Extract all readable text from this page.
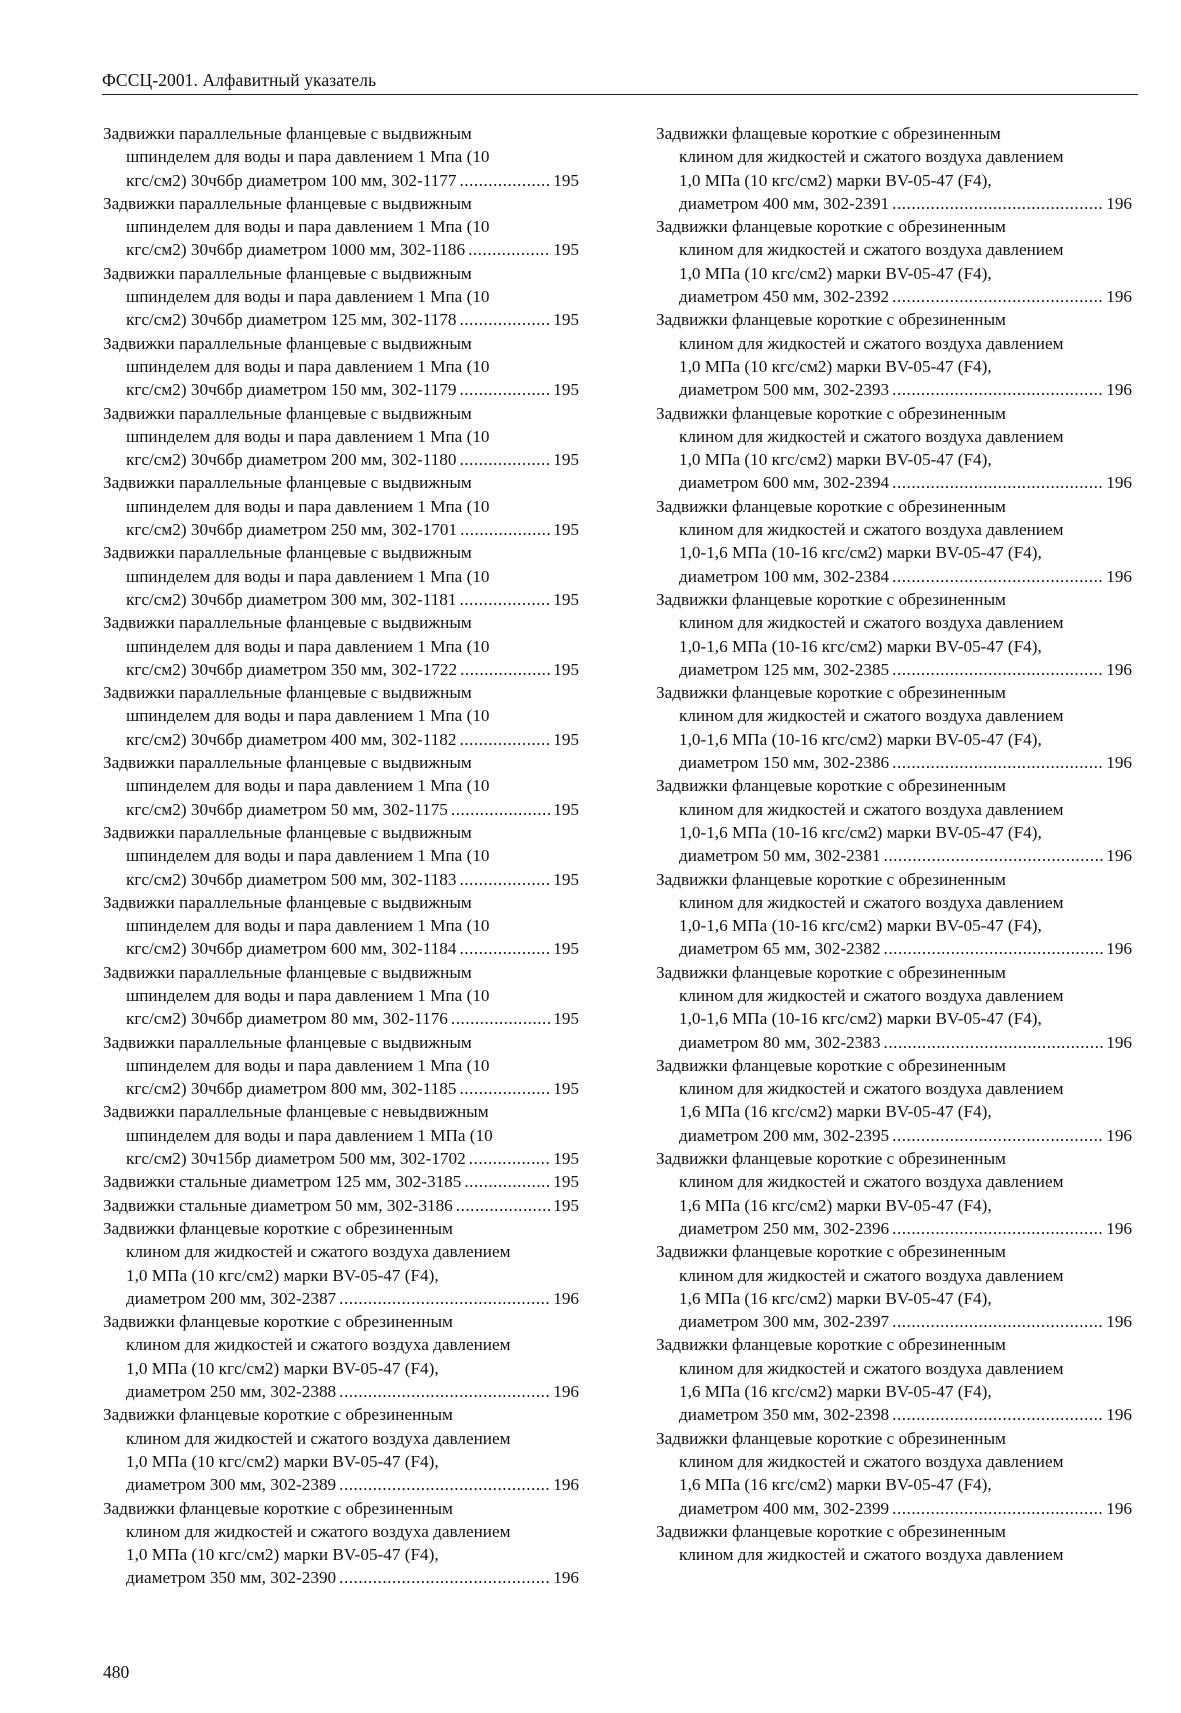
ФССЦ-2001. Алфавитный указатель
Задвижки параллельные фланцевые с выдвижным
шпинделем для воды и пара давлением 1 Мпа (10
кгс/см2) 30ч6бр диаметром 100 мм, 302-1177 .....	195
Задвижки параллельные фланцевые с выдвижным
шпинделем для воды и пара давлением 1 Мпа (10
кгс/см2) 30ч6бр диаметром 1000 мм, 302-1186 .....	195
Задвижки параллельные фланцевые с выдвижным
шпинделем для воды и пара давлением 1 Мпа (10
кгс/см2) 30ч6бр диаметром 125 мм, 302-1178 .....	195
Задвижки параллельные фланцевые с выдвижным
шпинделем для воды и пара давлением 1 Мпа (10
кгс/см2) 30ч6бр диаметром 150 мм, 302-1179 .....	195
Задвижки параллельные фланцевые с выдвижным
шпинделем для воды и пара давлением 1 Мпа (10
кгс/см2) 30ч6бр диаметром 200 мм, 302-1180 .....	195
Задвижки параллельные фланцевые с выдвижным
шпинделем для воды и пара давлением 1 Мпа (10
кгс/см2) 30ч6бр диаметром 250 мм, 302-1701 .....	195
Задвижки параллельные фланцевые с выдвижным
шпинделем для воды и пара давлением 1 Мпа (10
кгс/см2) 30ч6бр диаметром 300 мм, 302-1181 .....	195
Задвижки параллельные фланцевые с выдвижным
шпинделем для воды и пара давлением 1 Мпа (10
кгс/см2) 30ч6бр диаметром 350 мм, 302-1722 .....	195
Задвижки параллельные фланцевые с выдвижным
шпинделем для воды и пара давлением 1 Мпа (10
кгс/см2) 30ч6бр диаметром 400 мм, 302-1182 .....	195
Задвижки параллельные фланцевые с выдвижным
шпинделем для воды и пара давлением 1 Мпа (10
кгс/см2) 30ч6бр диаметром 50 мм, 302-1175 .....	195
Задвижки параллельные фланцевые с выдвижным
шпинделем для воды и пара давлением 1 Мпа (10
кгс/см2) 30ч6бр диаметром 500 мм, 302-1183 .....	195
Задвижки параллельные фланцевые с выдвижным
шпинделем для воды и пара давлением 1 Мпа (10
кгс/см2) 30ч6бр диаметром 600 мм, 302-1184 .....	195
Задвижки параллельные фланцевые с выдвижным
шпинделем для воды и пара давлением 1 Мпа (10
кгс/см2) 30ч6бр диаметром 80 мм, 302-1176 .....	195
Задвижки параллельные фланцевые с выдвижным
шпинделем для воды и пара давлением 1 Мпа (10
кгс/см2) 30ч6бр диаметром 800 мм, 302-1185 .....	195
Задвижки параллельные фланцевые с невыдвижным
шпинделем для воды и пара давлением 1 МПа (10
кгс/см2) 30ч15бр диаметром 500 мм, 302-1702 .....	195
Задвижки стальные диаметром 125 мм, 302-3185 .....	195
Задвижки стальные диаметром 50 мм, 302-3186 .....	195
Задвижки фланцевые короткие с обрезиненным
клином для жидкостей и сжатого воздуха давлением
1,0 МПа (10 кгс/см2) марки BV-05-47 (F4),
диаметром 200 мм, 302-2387 .....	196
Задвижки фланцевые короткие с обрезиненным
клином для жидкостей и сжатого воздуха давлением
1,0 МПа (10 кгс/см2) марки BV-05-47 (F4),
диаметром 250 мм, 302-2388 .....	196
Задвижки фланцевые короткие с обрезиненным
клином для жидкостей и сжатого воздуха давлением
1,0 МПа (10 кгс/см2) марки BV-05-47 (F4),
диаметром 300 мм, 302-2389 .....	196
Задвижки фланцевые короткие с обрезиненным
клином для жидкостей и сжатого воздуха давлением
1,0 МПа (10 кгс/см2) марки BV-05-47 (F4),
диаметром 350 мм, 302-2390 .....	196
Задвижки флащевые короткие с обрезиненным
клином для жидкостей и сжатого воздуха давлением
1,0 МПа (10 кгс/см2) марки BV-05-47 (F4),
диаметром 400 мм, 302-2391 .....	196
Задвижки фланцевые короткие с обрезиненным
клином для жидкостей и сжатого воздуха давлением
1,0 МПа (10 кгс/см2) марки BV-05-47 (F4),
диаметром 450 мм, 302-2392 .....	196
Задвижки фланцевые короткие с обрезиненным
клином для жидкостей и сжатого воздуха давлением
1,0 МПа (10 кгс/см2) марки BV-05-47 (F4),
диаметром 500 мм, 302-2393 .....	196
Задвижки фланцевые короткие с обрезиненным
клином для жидкостей и сжатого воздуха давлением
1,0 МПа (10 кгс/см2) марки BV-05-47 (F4),
диаметром 600 мм, 302-2394 .....	196
Задвижки фланцевые короткие с обрезиненным
клином для жидкостей и сжатого воздуха давлением
1,0-1,6 МПа (10-16 кгс/см2) марки BV-05-47 (F4),
диаметром 100 мм, 302-2384 .....	196
Задвижки фланцевые короткие с обрезиненным
клином для жидкостей и сжатого воздуха давлением
1,0-1,6 МПа (10-16 кгс/см2) марки BV-05-47 (F4),
диаметром 125 мм, 302-2385 .....	196
Задвижки фланцевые короткие с обрезиненным
клином для жидкостей и сжатого воздуха давлением
1,0-1,6 МПа (10-16 кгс/см2) марки BV-05-47 (F4),
диаметром 150 мм, 302-2386 .....	196
Задвижки фланцевые короткие с обрезиненным
клином для жидкостей и сжатого воздуха давлением
1,0-1,6 МПа (10-16 кгс/см2) марки BV-05-47 (F4),
диаметром 50 мм, 302-2381 .....	196
Задвижки фланцевые короткие с обрезиненным
клином для жидкостей и сжатого воздуха давлением
1,0-1,6 МПа (10-16 кгс/см2) марки BV-05-47 (F4),
диаметром 65 мм, 302-2382 .....	196
Задвижки фланцевые короткие с обрезиненным
клином для жидкостей и сжатого воздуха давлением
1,0-1,6 МПа (10-16 кгс/см2) марки BV-05-47 (F4),
диаметром 80 мм, 302-2383 .....	196
Задвижки фланцевые короткие с обрезиненным
клином для жидкостей и сжатого воздуха давлением
1,6 МПа (16 кгс/см2) марки BV-05-47 (F4),
диаметром 200 мм, 302-2395 .....	196
Задвижки фланцевые короткие с обрезиненным
клином для жидкостей и сжатого воздуха давлением
1,6 МПа (16 кгс/см2) марки BV-05-47 (F4),
диаметром 250 мм, 302-2396 .....	196
Задвижки фланцевые короткие с обрезиненным
клином для жидкостей и сжатого воздуха давлением
1,6 МПа (16 кгс/см2) марки BV-05-47 (F4),
диаметром 300 мм, 302-2397 .....	196
Задвижки фланцевые короткие с обрезиненным
клином для жидкостей и сжатого воздуха давлением
1,6 МПа (16 кгс/см2) марки BV-05-47 (F4),
диаметром 350 мм, 302-2398 .....	196
Задвижки фланцевые короткие с обрезиненным
клином для жидкостей и сжатого воздуха давлением
1,6 МПа (16 кгс/см2) марки BV-05-47 (F4),
диаметром 400 мм, 302-2399 .....	196
Задвижки фланцевые короткие с обрезиненным
клином для жидкостей и сжатого воздуха давлением
480
